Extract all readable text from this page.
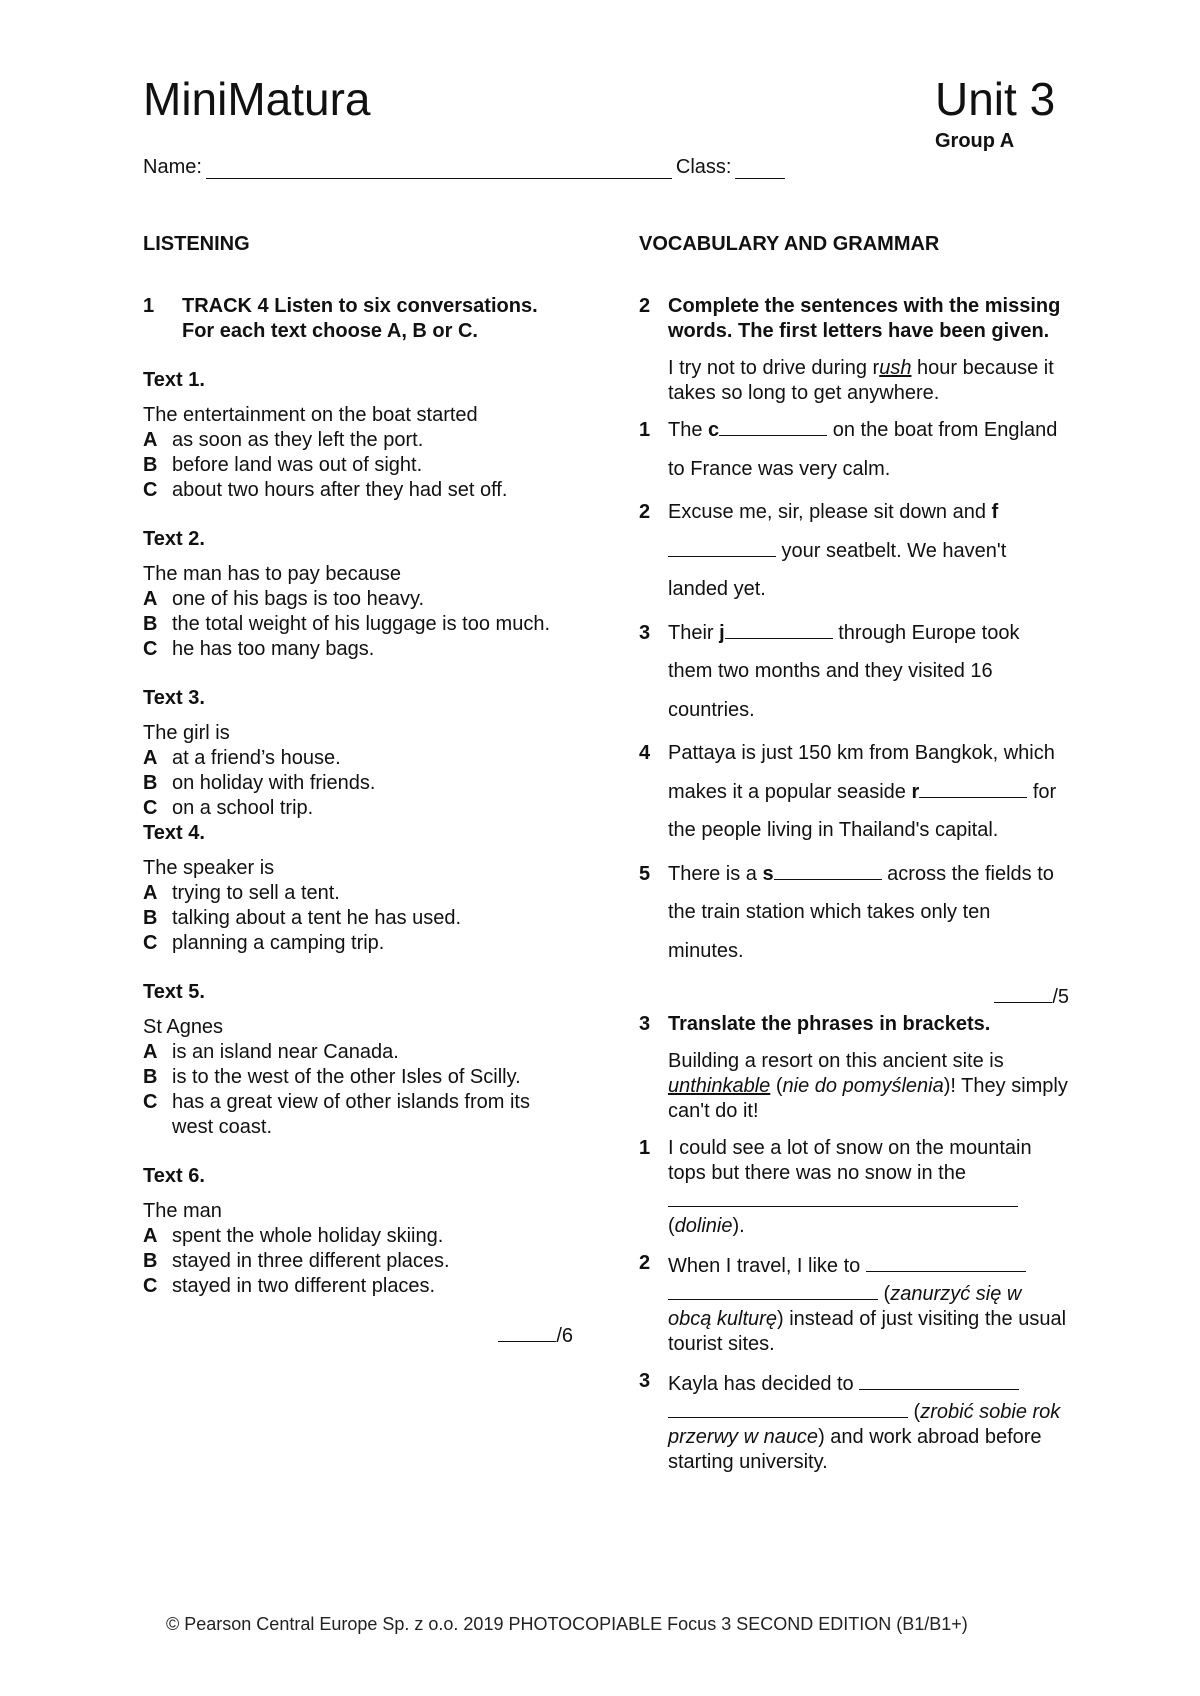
MiniMatura	Unit 3
Group A
Name:	Class:
LISTENING
1	TRACK 4 Listen to six conversations. For each text choose A, B or C.
Text 1.
The entertainment on the boat started
A as soon as they left the port.
B before land was out of sight.
C about two hours after they had set off.
Text 2.
The man has to pay because
A one of his bags is too heavy.
B the total weight of his luggage is too much.
C he has too many bags.
Text 3.
The girl is
A at a friend’s house.
B on holiday with friends.
C on a school trip.
Text 4.
The speaker is
A trying to sell a tent.
B talking about a tent he has used.
C planning a camping trip.
Text 5.
St Agnes
A is an island near Canada.
B is to the west of the other Isles of Scilly.
C has a great view of other islands from its west coast.
Text 6.
The man
A spent the whole holiday skiing.
B stayed in three different places.
C stayed in two different places.
/6
VOCABULARY AND GRAMMAR
2 Complete the sentences with the missing words. The first letters have been given.
I try not to drive during rush hour because it takes so long to get anywhere.
1 The c	on the boat from England to France was very calm.
2 Excuse me, sir, please sit down and f your seatbelt. We haven't landed yet.
3 Their j	through Europe took them two months and they visited 16 countries.
4 Pattaya is just 150 km from Bangkok, which makes it a popular seaside r	for the people living in Thailand's capital.
5 There is a s	across the fields to the train station which takes only ten minutes.
/5
3 Translate the phrases in brackets.
Building a resort on this ancient site is unthinkable (nie do pomyślenia)! They simply can't do it!
1 I could see a lot of snow on the mountain tops but there was no snow in the  (dolinie).
2 When I travel, I like to   (zanurzyć się w obcą kulturę) instead of just visiting the usual tourist sites.
3 Kayla has decided to   (zrobić sobie rok przerwy w nauce) and work abroad before starting university.
© Pearson Central Europe Sp. z o.o. 2019 PHOTOCOPIABLE Focus 3 SECOND EDITION (B1/B1+)
